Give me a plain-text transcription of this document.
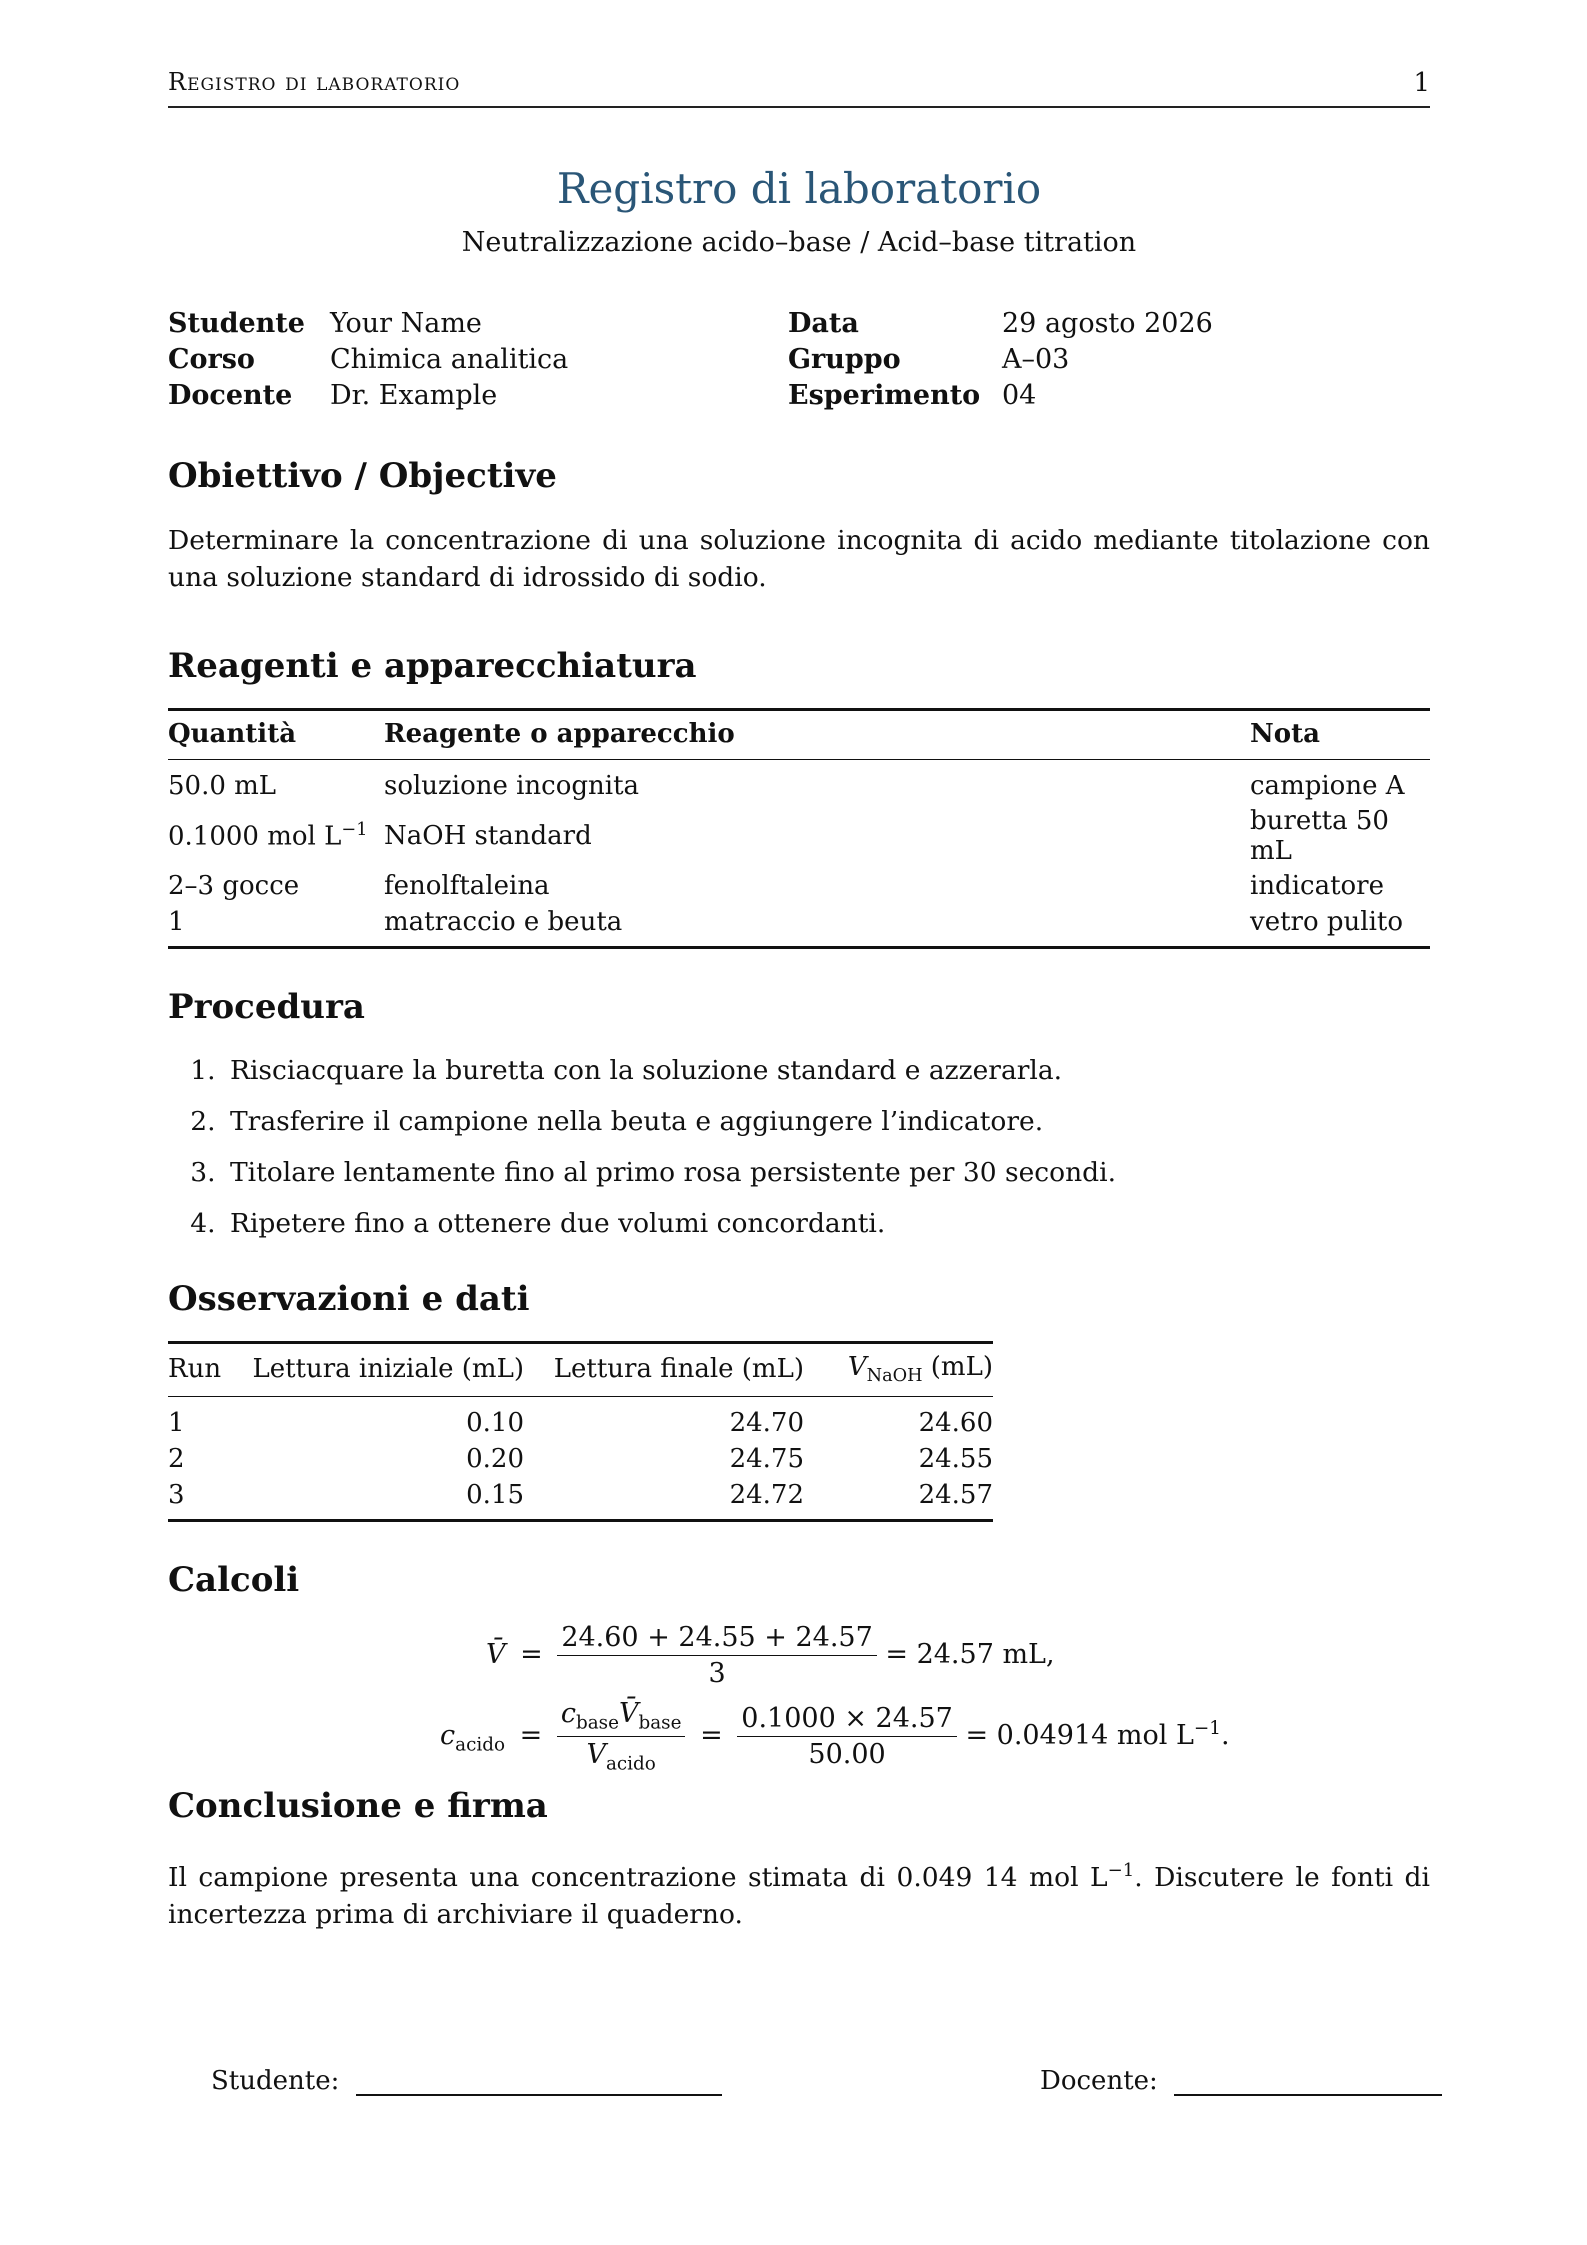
Registro di laboratorio	1
Registro di laboratorio
Neutralizzazione acido–base / Acid–base titration
Studente Your Name	Data	29 agosto 2026
Corso	Chimica analitica	Gruppo	A–03
Docente Dr. Example	Esperimento 04
Obiettivo / Objective

Determinare la concentrazione di una soluzione incognita di acido mediante titolazione con una soluzione standard di idrossido di sodio.

Reagenti e apparecchiatura
Quantità	Reagente o apparecchio	Nota

50.0 mL	soluzione incognita	campione A
0.1000 mol $L^{-1}$	NaOH standard	buretta 50 mL
2–3 gocce	fenolftaleina	indicatore
1	matraccio e beuta	vetro pulito
Procedura
1. Risciacquare la buretta con la soluzione standard e azzerarla.
2. Trasferire il campione nella beuta e aggiungere l’indicatore.
3. Titolare lentamente fino al primo rosa persistente per 30 secondi.
4. Ripetere fino a ottenere due volumi concordanti.
Osservazioni e dati
Run	Lettura iniziale (mL)	Lettura finale (mL)	$V_{NaOH}$ (mL)

1	0.10	24.70	24.60
2	0.20	24.75	24.55
3	0.15	24.72	24.57
Calcoli
V̄ = $\frac{24.60 + 24.55 + 24.57}{3} = 24.57$ mL,
$c_{acido} = \frac{c_{base}V̄_{base}}{V_{acido}} = \frac{0.1000 \times 24.57}{50.00} = 0.04914$ mol $L^{-1}$.
Conclusione e firma

Il campione presenta una concentrazione stimata di 0.049 14 mol $L^{-1}$. Discutere le fonti di incertezza prima di archiviare il quaderno.

Studente:	Docente:
